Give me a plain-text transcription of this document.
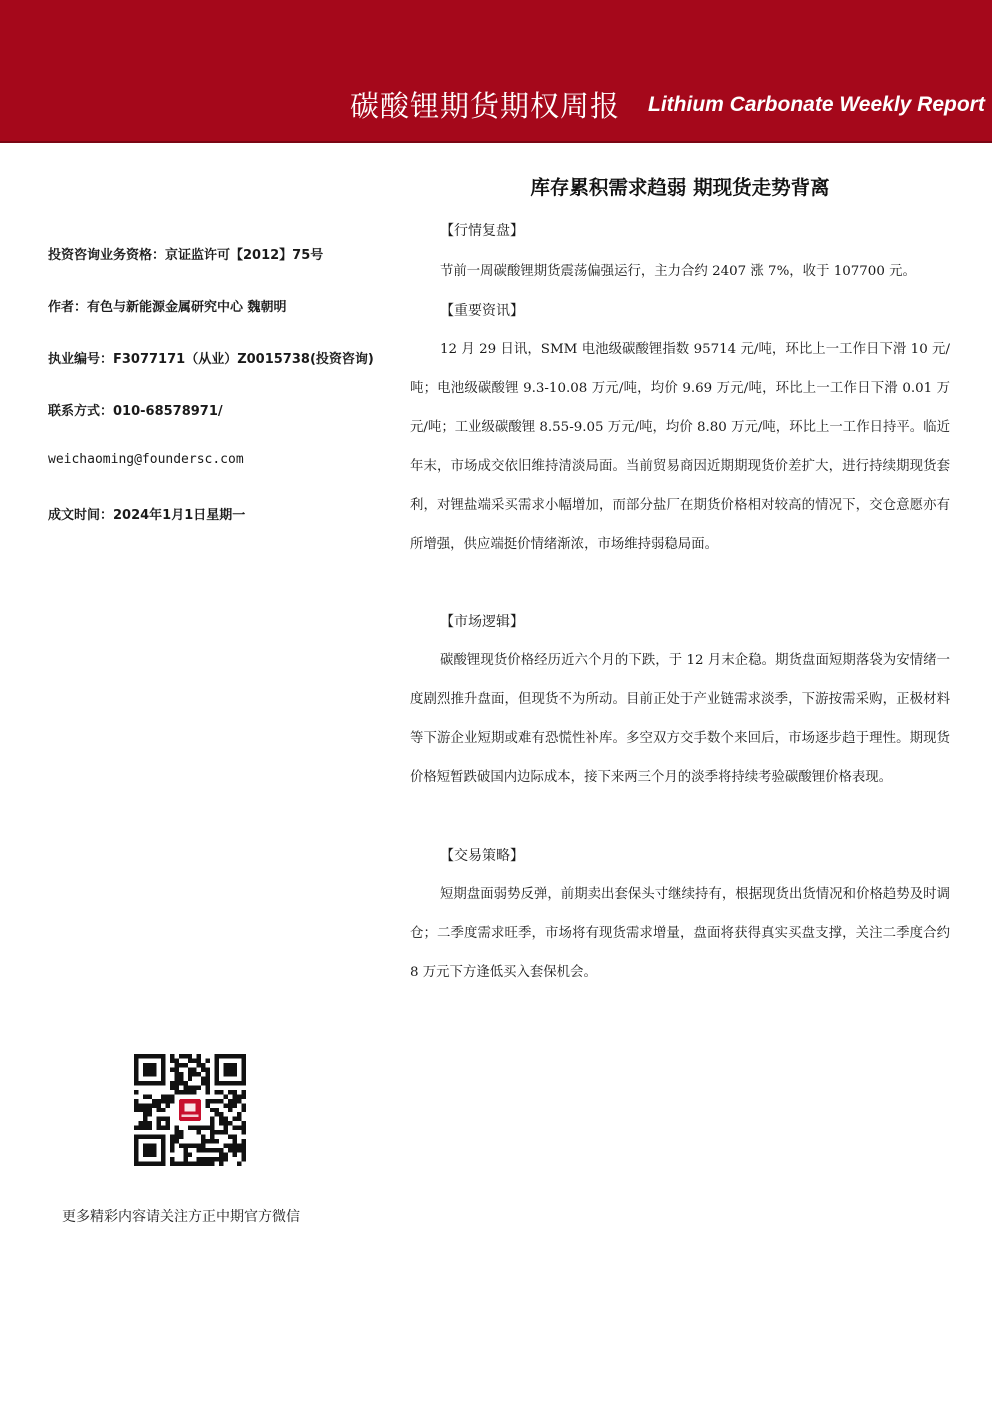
碳酸锂期货期权周报 Lithium Carbonate Weekly Report
投资咨询业务资格：京证监许可【2012】75号
作者：有色与新能源金属研究中心 魏朝明
执业编号：F3077171（从业）Z0015738(投资咨询)
联系方式：010-68578971/
weichaoming@foundersc.com
成文时间：2024年1月1日星期一
更多精彩内容请关注方正中期官方微信
库存累积需求趋弱 期现货走势背离
【行情复盘】
节前一周碳酸锂期货震荡偏强运行，主力合约 2407 涨 7%，收于 107700 元。
【重要资讯】
12 月 29 日讯，SMM 电池级碳酸锂指数 95714 元/吨，环比上一工作日下滑 10 元/吨；电池级碳酸锂 9.3-10.08 万元/吨，均价 9.69 万元/吨，环比上一工作日下滑 0.01 万元/吨；工业级碳酸锂 8.55-9.05 万元/吨，均价 8.80 万元/吨，环比上一工作日持平。临近年末，市场成交依旧维持清淡局面。当前贸易商因近期期现货价差扩大，进行持续期现货套利，对锂盐端采买需求小幅增加，而部分盐厂在期货价格相对较高的情况下，交仓意愿亦有所增强，供应端挺价情绪渐浓，市场维持弱稳局面。
【市场逻辑】
碳酸锂现货价格经历近六个月的下跌，于 12 月末企稳。期货盘面短期落袋为安情绪一度剧烈推升盘面，但现货不为所动。目前正处于产业链需求淡季，下游按需采购，正极材料等下游企业短期或难有恐慌性补库。多空双方交手数个来回后，市场逐步趋于理性。期现货价格短暂跌破国内边际成本，接下来两三个月的淡季将持续考验碳酸锂价格表现。
【交易策略】
短期盘面弱势反弹，前期卖出套保头寸继续持有，根据现货出货情况和价格趋势及时调仓；二季度需求旺季，市场将有现货需求增量，盘面将获得真实买盘支撑，关注二季度合约 8 万元下方逢低买入套保机会。
